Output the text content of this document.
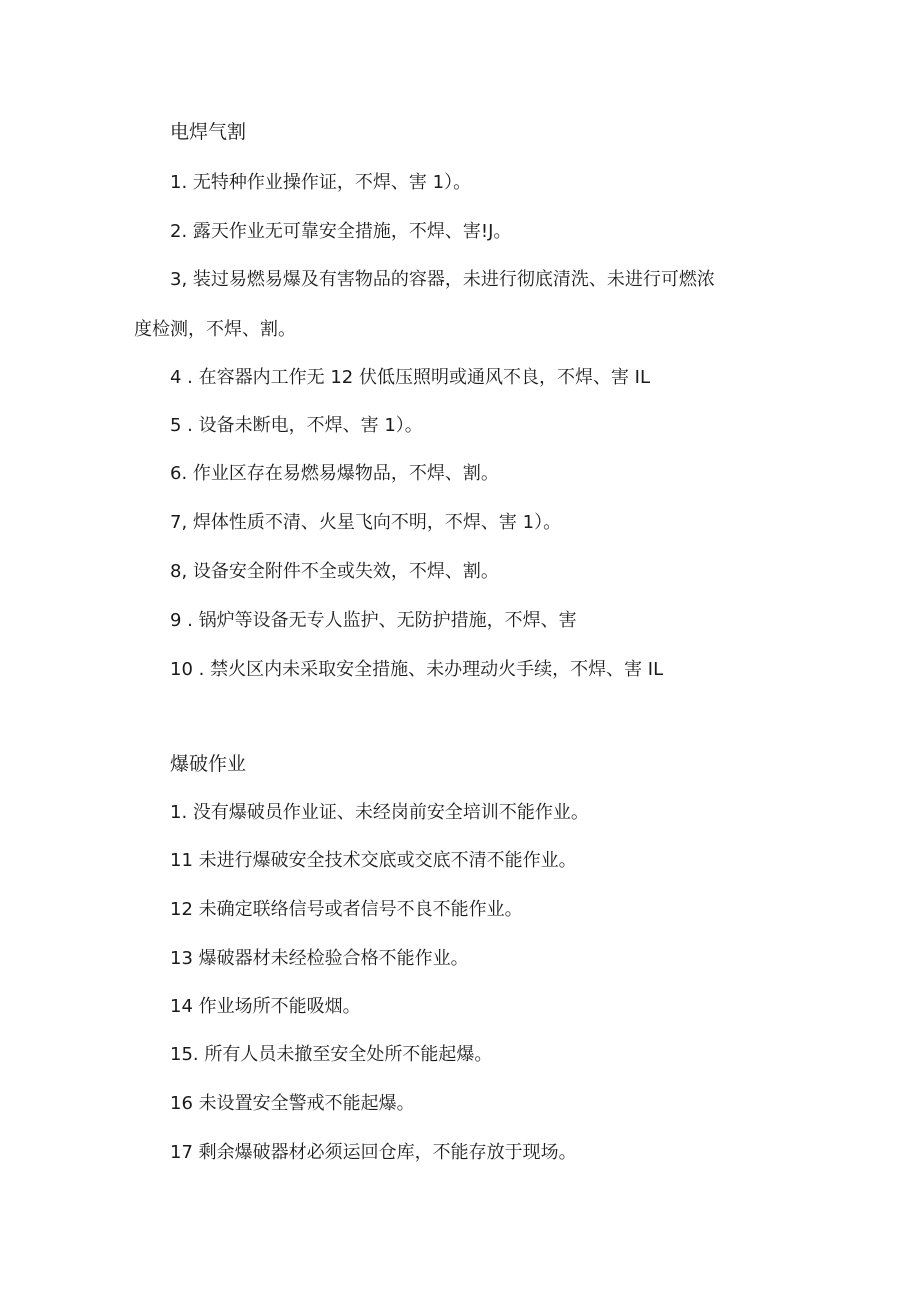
电焊气割
1. 无特种作业操作证，不焊、害 1）。
2. 露天作业无可靠安全措施，不焊、害!J。
3, 装过易燃易爆及有害物品的容器，未进行彻底清洗、未进行可燃浓
度检测，不焊、割。
4 . 在容器内工作无 12 伏低压照明或通风不良，不焊、害 IL
5 . 设备未断电，不焊、害 1）。
6. 作业区存在易燃易爆物品，不焊、割。
7, 焊体性质不清、火星飞向不明，不焊、害 1）。
8, 设备安全附件不全或失效，不焊、割。
9 . 锅炉等设备无专人监护、无防护措施，不焊、害
10 . 禁火区内未采取安全措施、未办理动火手续，不焊、害 IL
爆破作业
1. 没有爆破员作业证、未经岗前安全培训不能作业。
11 未进行爆破安全技术交底或交底不清不能作业。
12 未确定联络信号或者信号不良不能作业。
13 爆破器材未经检验合格不能作业。
14 作业场所不能吸烟。
15. 所有人员未撤至安全处所不能起爆。
16 未设置安全警戒不能起爆。
17 剩余爆破器材必须运回仓库，不能存放于现场。
